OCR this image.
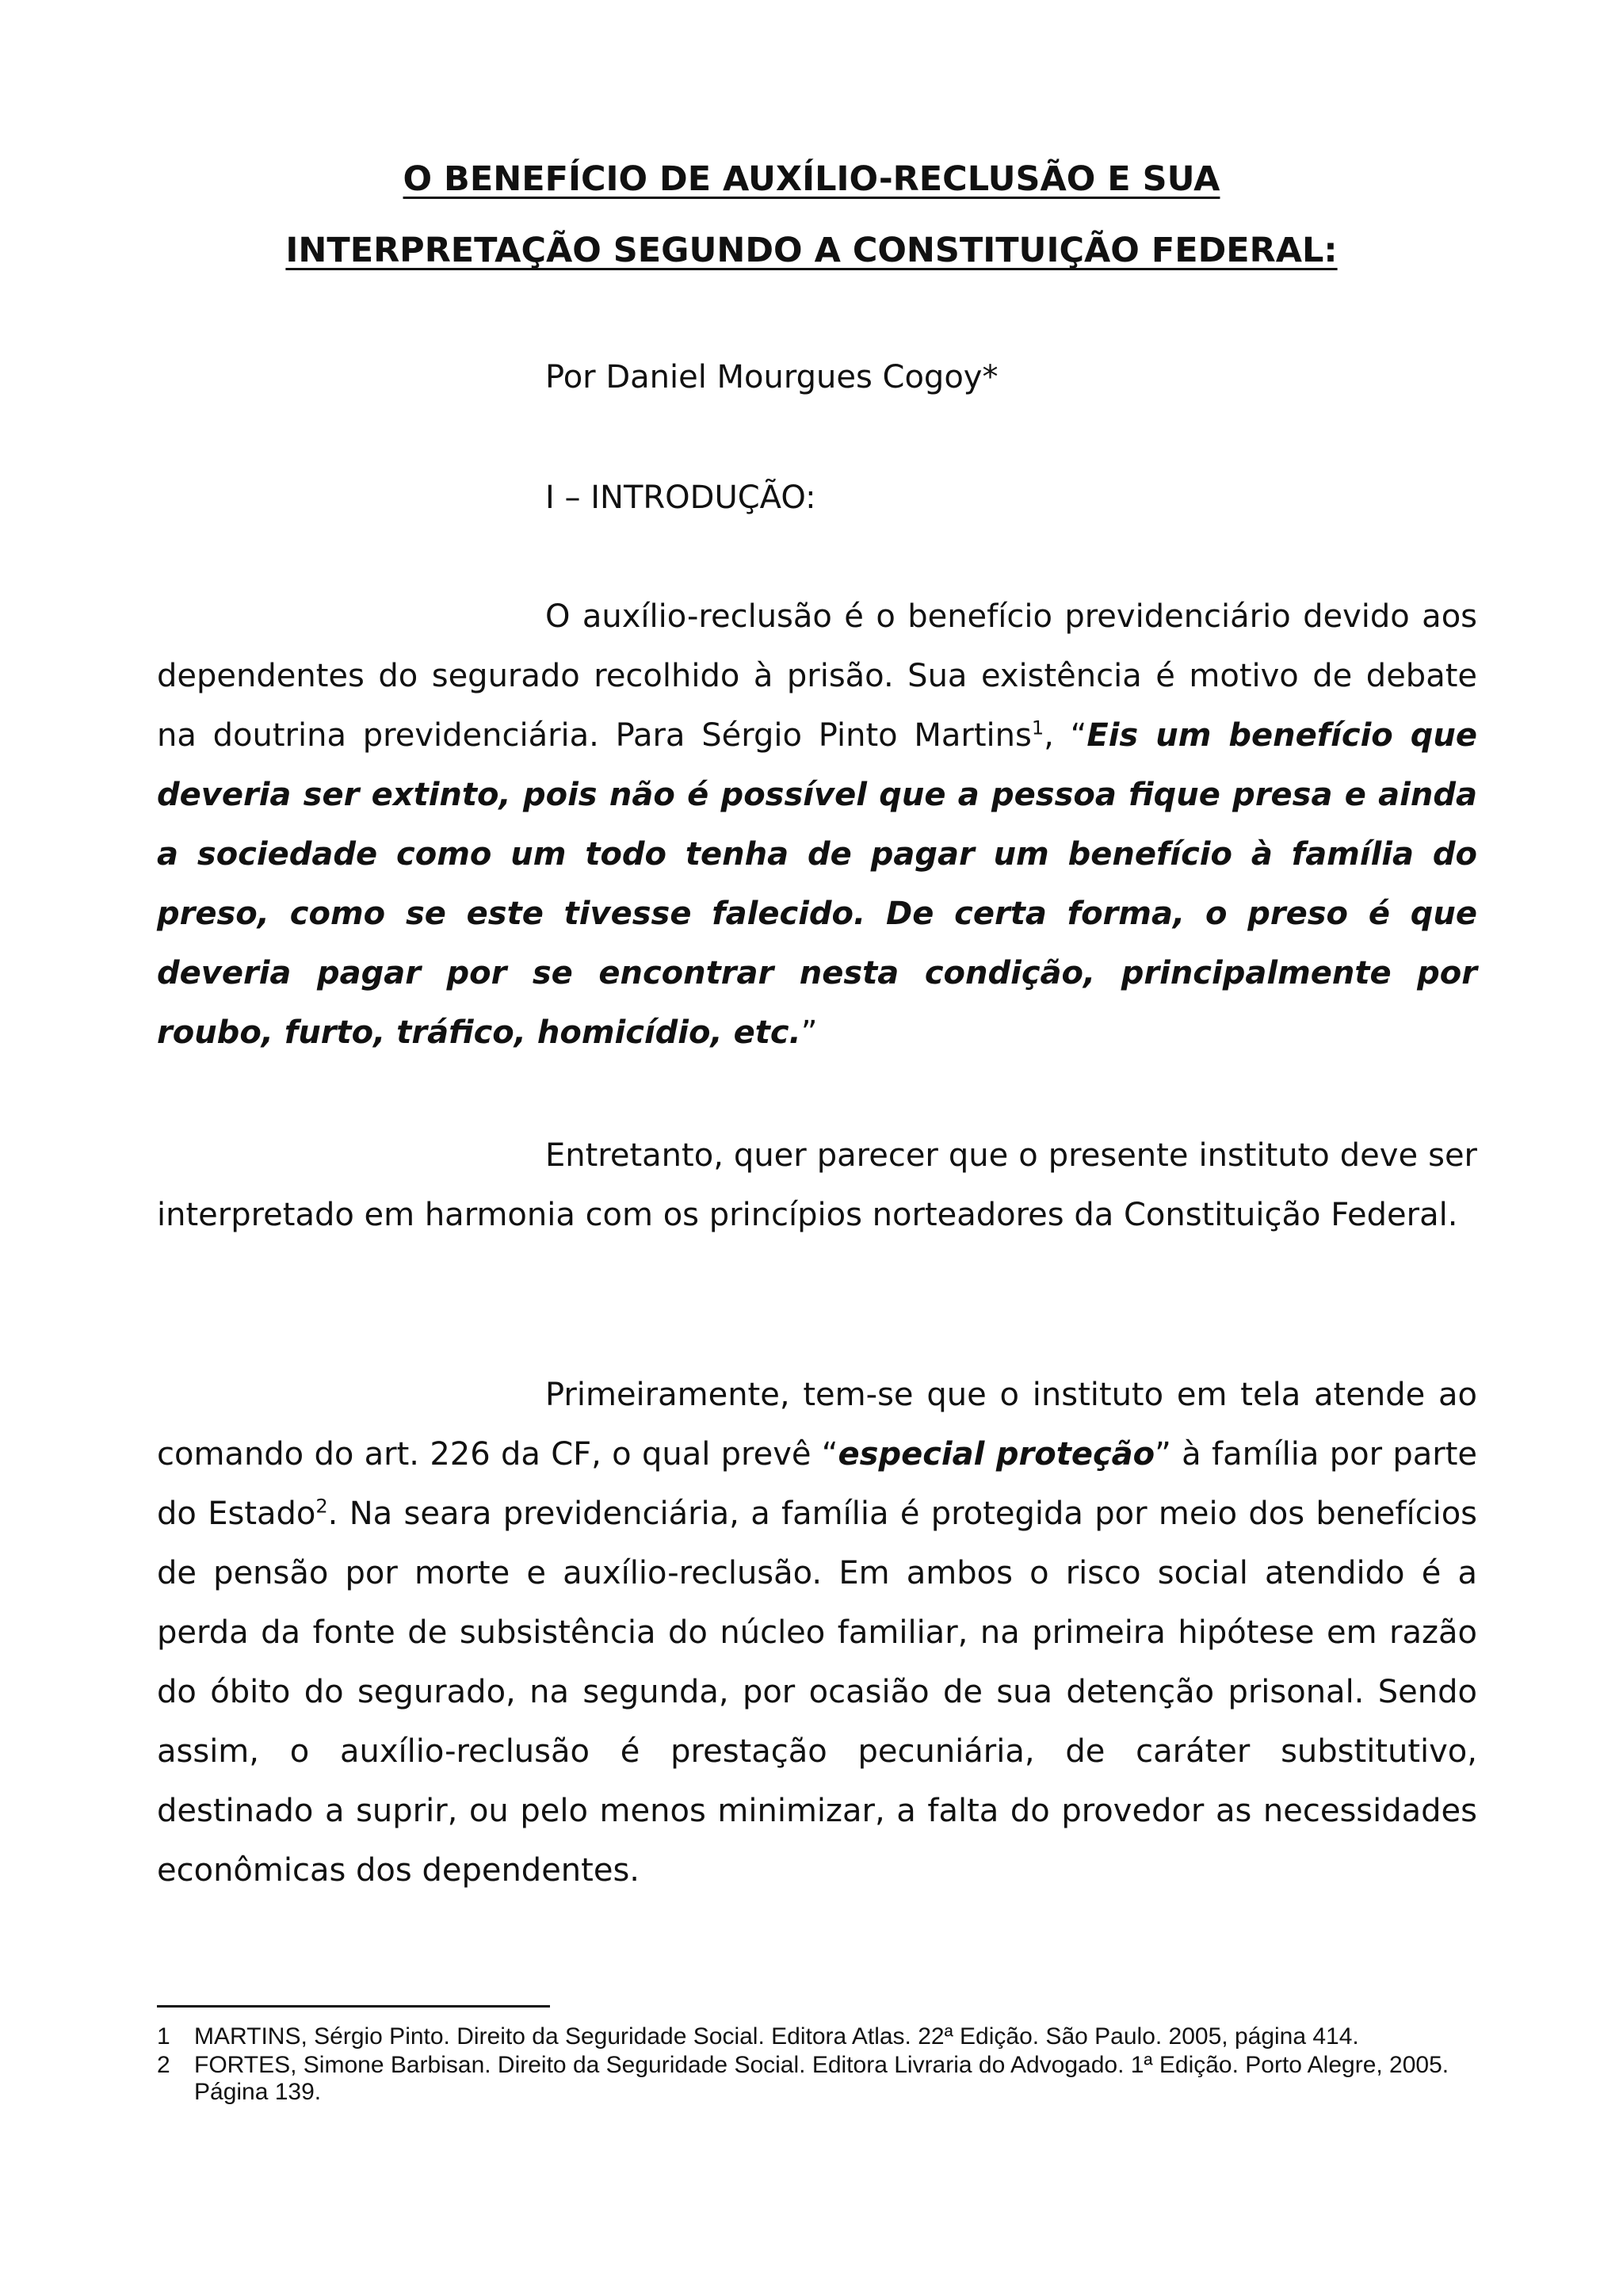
O BENEFÍCIO DE AUXÍLIO-RECLUSÃO E SUA
INTERPRETAÇÃO SEGUNDO A CONSTITUIÇÃO FEDERAL:

Por Daniel Mourgues Cogoy*

I – INTRODUÇÃO:

O auxílio-reclusão é o benefício previdenciário devido aos dependentes do segurado recolhido à prisão. Sua existência é motivo de debate na doutrina previdenciária. Para Sérgio Pinto Martins$^1$, “Eis um benefício que deveria ser extinto, pois não é possível que a pessoa fique presa e ainda a sociedade como um todo tenha de pagar um benefício à família do preso, como se este tivesse falecido. De certa forma, o preso é que deveria pagar por se encontrar nesta condição, principalmente por roubo, furto, tráfico, homicídio, etc.”

Entretanto, quer parecer que o presente instituto deve ser interpretado em harmonia com os princípios norteadores da Constituição Federal.

Primeiramente, tem-se que o instituto em tela atende ao comando do art. 226 da CF, o qual prevê “especial proteção” à família por parte do Estado$^2$. Na seara previdenciária, a família é protegida por meio dos benefícios de pensão por morte e auxílio-reclusão. Em ambos o risco social atendido é a perda da fonte de subsistência do núcleo familiar, na primeira hipótese em razão do óbito do segurado, na segunda, por ocasião de sua detenção prisonal. Sendo assim, o auxílio-reclusão é prestação pecuniária, de caráter substitutivo, destinado a suprir, ou pelo menos minimizar, a falta do provedor as necessidades econômicas dos dependentes.

1	MARTINS, Sérgio Pinto. Direito da Seguridade Social. Editora Atlas. 22ª Edição. São Paulo. 2005, página 414.
2	FORTES, Simone Barbisan. Direito da Seguridade Social. Editora Livraria do Advogado. 1ª Edição. Porto Alegre, 2005. Página 139.
